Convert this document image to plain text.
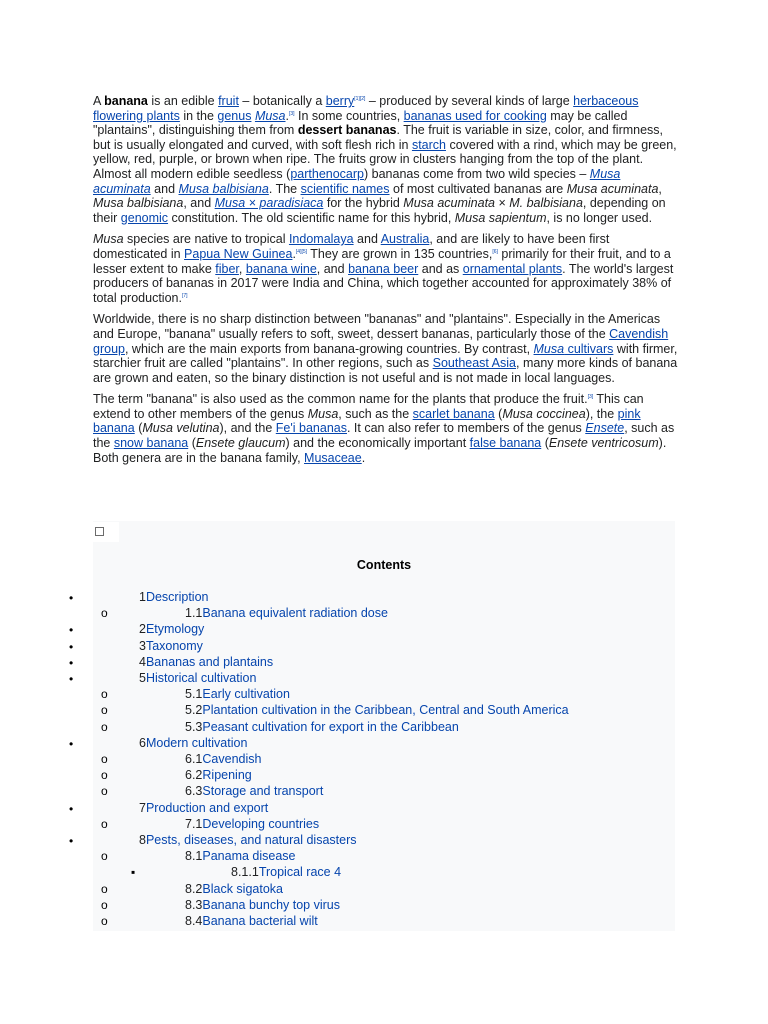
A banana is an edible fruit – botanically a berry[1][2] – produced by several kinds of large herbaceous flowering plants in the genus Musa.[3] In some countries, bananas used for cooking may be called "plantains", distinguishing them from dessert bananas. The fruit is variable in size, color, and firmness, but is usually elongated and curved, with soft flesh rich in starch covered with a rind, which may be green, yellow, red, purple, or brown when ripe. The fruits grow in clusters hanging from the top of the plant. Almost all modern edible seedless (parthenocarp) bananas come from two wild species – Musa acuminata and Musa balbisiana. The scientific names of most cultivated bananas are Musa acuminata, Musa balbisiana, and Musa × paradisiaca for the hybrid Musa acuminata × M. balbisiana, depending on their genomic constitution. The old scientific name for this hybrid, Musa sapientum, is no longer used.

Musa species are native to tropical Indomalaya and Australia, and are likely to have been first domesticated in Papua New Guinea.[4][5] They are grown in 135 countries,[6] primarily for their fruit, and to a lesser extent to make fiber, banana wine, and banana beer and as ornamental plants. The world's largest producers of bananas in 2017 were India and China, which together accounted for approximately 38% of total production.[7]

Worldwide, there is no sharp distinction between "bananas" and "plantains". Especially in the Americas and Europe, "banana" usually refers to soft, sweet, dessert bananas, particularly those of the Cavendish group, which are the main exports from banana-growing countries. By contrast, Musa cultivars with firmer, starchier fruit are called "plantains". In other regions, such as Southeast Asia, many more kinds of banana are grown and eaten, so the binary distinction is not useful and is not made in local languages.

The term "banana" is also used as the common name for the plants that produce the fruit.[3] This can extend to other members of the genus Musa, such as the scarlet banana (Musa coccinea), the pink banana (Musa velutina), and the Fe'i bananas. It can also refer to members of the genus Ensete, such as the snow banana (Ensete glaucum) and the economically important false banana (Ensete ventricosum). Both genera are in the banana family, Musaceae.

Contents
•	1Description
o	1.1Banana equivalent radiation dose
•	2Etymology
•	3Taxonomy
•	4Bananas and plantains
•	5Historical cultivation
o	5.1Early cultivation
o	5.2Plantation cultivation in the Caribbean, Central and South America
o	5.3Peasant cultivation for export in the Caribbean
•	6Modern cultivation
o	6.1Cavendish
o	6.2Ripening
o	6.3Storage and transport
•	7Production and export
o	7.1Developing countries
•	8Pests, diseases, and natural disasters
o	8.1Panama disease
▪	8.1.1Tropical race 4
o	8.2Black sigatoka
o	8.3Banana bunchy top virus
o	8.4Banana bacterial wilt
